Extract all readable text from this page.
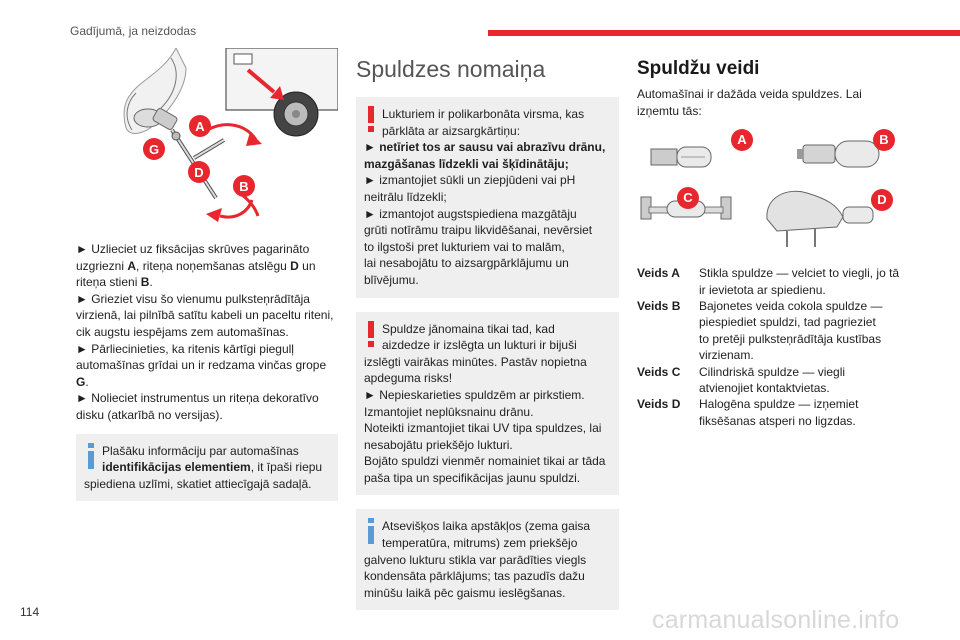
Gadījumā, ja neizdodas
A
G
D
B
► Uzlieciet uz fiksācijas skrūves pagarināto
uzgriezni A, riteņa noņemšanas atslēgu D un
riteņa stieni B.
► Grieziet visu šo vienumu pulksteņrādītāja
virzienā, lai pilnībā satītu kabeli un paceltu riteni,
cik augstu iespējams zem automašīnas.
► Pārliecinieties, ka ritenis kārtīgi piegulļ
automašīnas grīdai un ir redzama vinčas grope
G.
► Nolieciet instrumentus un riteņa dekoratīvo
disku (atkarībā no versijas).
Plašāku informāciju par automašīnas
identifikācijas elementiem, it īpaši riepu
spiediena uzlīmi, skatiet attiecīgajā sadaļā.
Spuldzes nomaiņa
Lukturiem ir polikarbonāta virsma, kas
pārklāta ar aizsargkārtiņu:
► netīriet tos ar sausu vai abrazīvu drānu,
mazgāšanas līdzekli vai šķīdinātāju;
► izmantojiet sūkli un ziepjūdeni vai pH
neitrālu līdzekli;
► izmantojot augstspiediena mazgātāju
grūti notīrāmu traipu likvidēšanai, nevērsiet
to ilgstoši pret lukturiem vai to malām,
lai nesabojātu to aizsargpārklājumu un
blīvējumu.
Spuldze jānomaina tikai tad, kad
aizdedze ir izslēgta un lukturi ir bijuši
izslēgti vairākas minūtes. Pastāv nopietna
apdeguma risks!
► Nepieskarieties spuldzēm ar pirkstiem.
Izmantojiet neplūksnainu drānu.
Noteikti izmantojiet tikai UV tipa spuldzes, lai
nesabojātu priekšējo lukturi.
Bojāto spuldzi vienmēr nomainiet tikai ar tāda
paša tipa un specifikācijas jaunu spuldzi.
Atsevišķos laika apstākļos (zema gaisa
temperatūra, mitrums) zem priekšējo
galveno lukturu stikla var parādīties viegls
kondensāta pārklājums; tas pazudīs dažu
minūšu laikā pēc gaismu ieslēgšanas.
Spuldžu veidi
Automašīnai ir dažāda veida spuldzes. Lai
izņemtu tās:
A	B
C	D
Veids A	Stikla spuldze — velciet to viegli, jo tā
ir ievietota ar spiedienu.
Veids B	Bajonetes veida cokola spuldze —
piespiediet spuldzi, tad pagrieziet
to pretēji pulksteņrādītāja kustības
virzienam.
Veids C	Cilindriskā spuldze — viegli
atvienojiet kontaktvietas.
Veids D	Halogēna spuldze — izņemiet
fiksēšanas atsperi no ligzdas.
114	carmanualsonline.info
